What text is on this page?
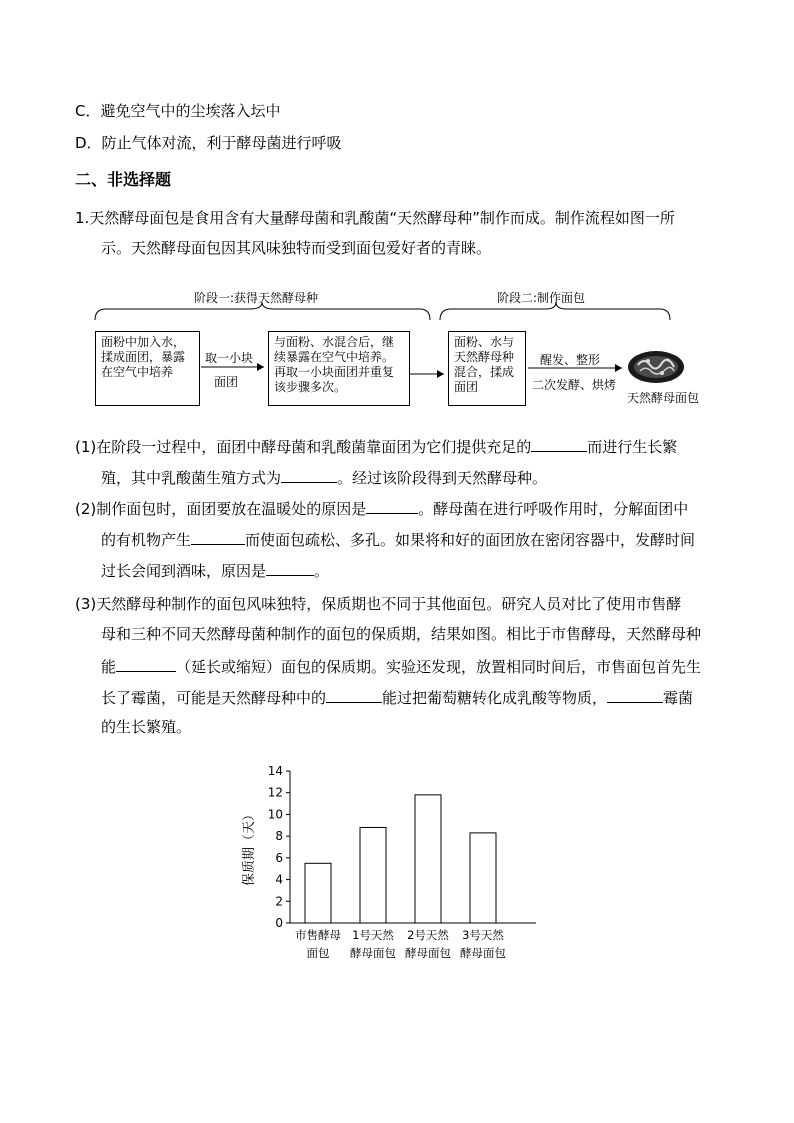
C．避免空气中的尘埃落入坛中
D．防止气体对流，利于酵母菌进行呼吸
二、非选择题
1.天然酵母面包是食用含有大量酵母菌和乳酸菌“天然酵母种”制作而成。制作流程如图一所
示。天然酵母面包因其风味独特而受到面包爱好者的青睐。
阶段一:获得天然酵母种	阶段二:制作面包
面粉中加入水， 揉成面团，暴露在空气中培养
取一小块
面团
与面粉、水混合后，继续暴露在空气中培养。再取一小块面团并重复该步骤多次。
面粉、水与天然酵母种混合，揉成面团
醒发、整形
二次发酵、烘烤
天然酵母面包
(1)在阶段一过程中，面团中酵母菌和乳酸菌靠面团为它们提供充足的	而进行生长繁
殖，其中乳酸菌生殖方式为	。经过该阶段得到天然酵母种。
(2)制作面包时，面团要放在温暖处的原因是	。酵母菌在进行呼吸作用时，分解面团中
的有机物产生	而使面包疏松、多孔。如果将和好的面团放在密闭容器中，发酵时间
过长会闻到酒味，原因是	。
(3)天然酵母种制作的面包风味独特，保质期也不同于其他面包。研究人员对比了使用市售酵
母和三种不同天然酵母菌种制作的面包的保质期，结果如图。相比于市售酵母，天然酵母种
能	（延长或缩短）面包的保质期。实验还发现，放置相同时间后，市售面包首先生
长了霉菌，可能是天然酵母种中的	能过把葡萄糖转化成乳酸等物质，	霉菌
的生长繁殖。
0
2
4
6
8
10
12
14
保质期（天）
市售酵母
面包
1号天然
酵母面包
2号天然
酵母面包
3号天然
酵母面包
